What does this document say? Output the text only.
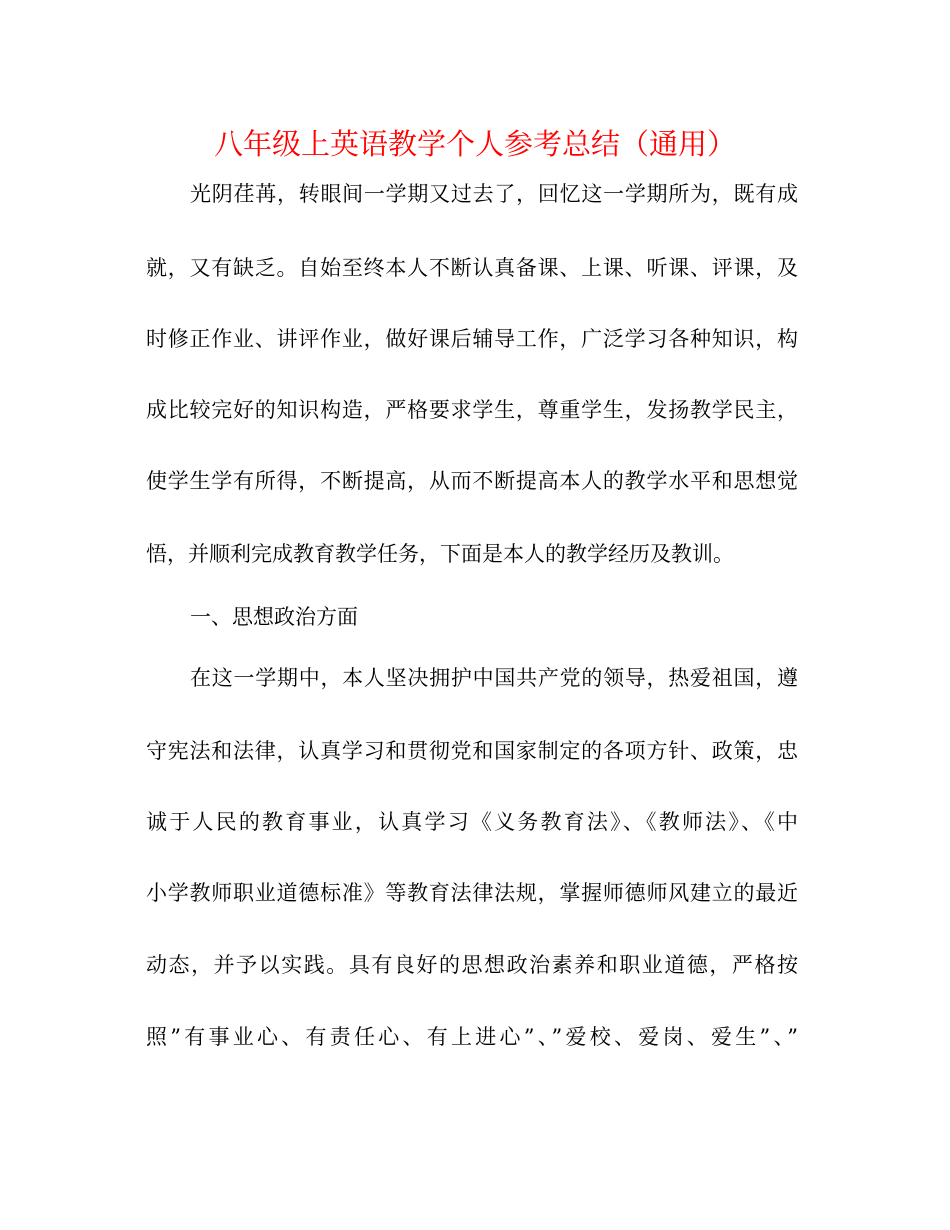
八年级上英语教学个人参考总结（通用）
光阴荏苒，转眼间一学期又过去了，回忆这一学期所为，既有成
就，又有缺乏。自始至终本人不断认真备课、上课、听课、评课，及
时修正作业、讲评作业，做好课后辅导工作，广泛学习各种知识，构
成比较完好的知识构造，严格要求学生，尊重学生，发扬教学民主，
使学生学有所得，不断提高，从而不断提高本人的教学水平和思想觉
悟，并顺利完成教育教学任务，下面是本人的教学经历及教训。
一、思想政治方面
在这一学期中，本人坚决拥护中国共产党的领导，热爱祖国，遵
守宪法和法律，认真学习和贯彻党和国家制定的各项方针、政策，忠
诚于人民的教育事业，认真学习《义务教育法》、《教师法》、《中
小学教师职业道德标准》等教育法律法规，掌握师德师风建立的最近
动态，并予以实践。具有良好的思想政治素养和职业道德，严格按
照”有事业心、有责任心、有上进心”、”爱校、爱岗、爱生”、”
